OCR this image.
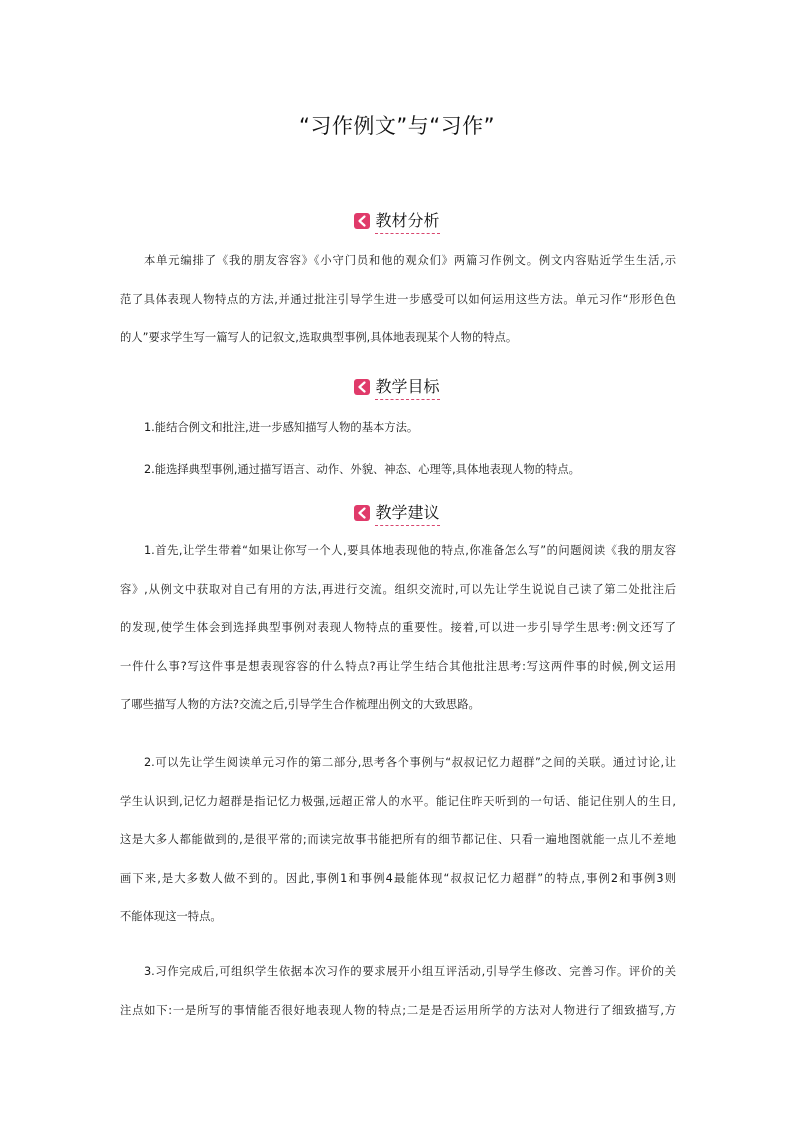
“习作例文”与“习作”
教材分析

本单元编排了《我的朋友容容》《小守门员和他的观众们》两篇习作例文。例文内容贴近学生生活,示
范了具体表现人物特点的方法,并通过批注引导学生进一步感受可以如何运用这些方法。单元习作“形形色色
的人”要求学生写一篇写人的记叙文,选取典型事例,具体地表现某个人物的特点。

教学目标

1.能结合例文和批注,进一步感知描写人物的基本方法。

2.能选择典型事例,通过描写语言、动作、外貌、神态、心理等,具体地表现人物的特点。

教学建议

1.首先,让学生带着“如果让你写一个人,要具体地表现他的特点,你准备怎么写”的问题阅读《我的朋友容
容》,从例文中获取对自己有用的方法,再进行交流。组织交流时,可以先让学生说说自己读了第二处批注后
的发现,使学生体会到选择典型事例对表现人物特点的重要性。接着,可以进一步引导学生思考:例文还写了
一件什么事?写这件事是想表现容容的什么特点?再让学生结合其他批注思考:写这两件事的时候,例文运用
了哪些描写人物的方法?交流之后,引导学生合作梳理出例文的大致思路。

2.可以先让学生阅读单元习作的第二部分,思考各个事例与“叔叔记忆力超群”之间的关联。通过讨论,让
学生认识到,记忆力超群是指记忆力极强,远超正常人的水平。能记住昨天听到的一句话、能记住别人的生日,
这是大多人都能做到的,是很平常的;而读完故事书能把所有的细节都记住、只看一遍地图就能一点儿不差地
画下来,是大多数人做不到的。因此,事例1和事例4最能体现“叔叔记忆力超群”的特点,事例2和事例3则
不能体现这一特点。

3.习作完成后,可组织学生依据本次习作的要求展开小组互评活动,引导学生修改、完善习作。评价的关
注点如下:一是所写的事情能否很好地表现人物的特点;二是是否运用所学的方法对人物进行了细致描写,方
